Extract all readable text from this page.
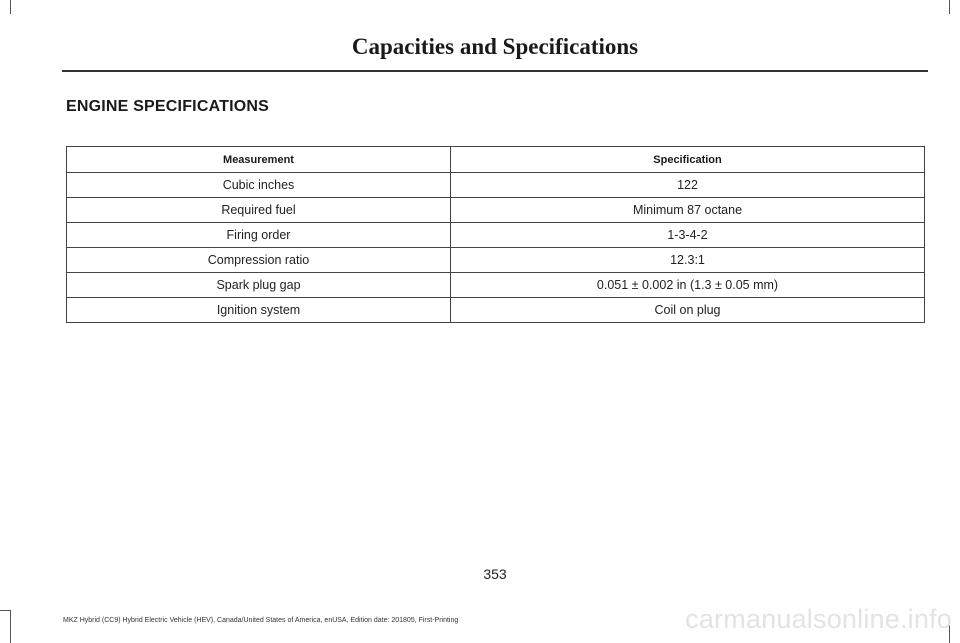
Capacities and Specifications
ENGINE SPECIFICATIONS
Measurement	Specification
Cubic inches	122
Required fuel	Minimum 87 octane
Firing order	1-3-4-2
Compression ratio	12.3:1
Spark plug gap	0.051 ± 0.002 in (1.3 ± 0.05 mm)
Ignition system	Coil on plug
353
MKZ Hybrid (CC9) Hybrid Electric Vehicle (HEV), Canada/United States of America, enUSA, Edition date: 201805, First-Printing	carmanualsonline.info
